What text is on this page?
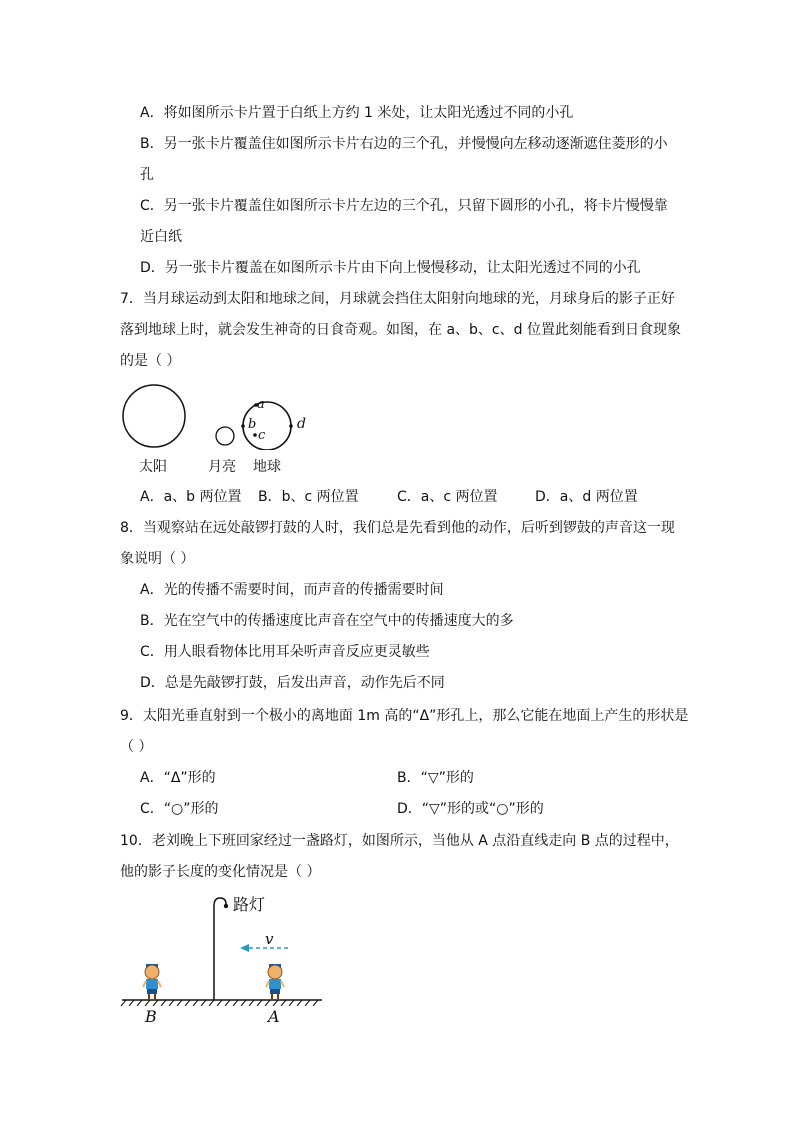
A．将如图所示卡片置于白纸上方约 1 米处，让太阳光透过不同的小孔
B．另一张卡片覆盖住如图所示卡片右边的三个孔，并慢慢向左移动逐渐遮住菱形的小
孔
C．另一张卡片覆盖住如图所示卡片左边的三个孔，只留下圆形的小孔，将卡片慢慢靠
近白纸
D．另一张卡片覆盖在如图所示卡片由下向上慢慢移动，让太阳光透过不同的小孔
7．当月球运动到太阳和地球之间，月球就会挡住太阳射向地球的光，月球身后的影子正好
落到地球上时，就会发生神奇的日食奇观。如图，在 a、b、c、d 位置此刻能看到日食现象
的是（ ）
a
b
c
d
太阳	月亮 地球
A．a、b 两位置 B．b、c 两位置	C．a、c 两位置	D．a、d 两位置
8．当观察站在远处敲锣打鼓的人时，我们总是先看到他的动作，后听到锣鼓的声音这一现
象说明（ ）
A．光的传播不需要时间，而声音的传播需要时间
B．光在空气中的传播速度比声音在空气中的传播速度大的多
C．用人眼看物体比用耳朵听声音反应更灵敏些
D．总是先敲锣打鼓，后发出声音，动作先后不同
9．太阳光垂直射到一个极小的离地面 1m 高的“Δ”形孔上，那么它能在地面上产生的形状是
（ ）
A．“Δ”形的	B．“▽”形的
C．“○”形的	D．“▽”形的或“○”形的
10．老刘晚上下班回家经过一盏路灯，如图所示，当他从 A 点沿直线走向 B 点的过程中，
他的影子长度的变化情况是（ ）
路灯
v
B	A
